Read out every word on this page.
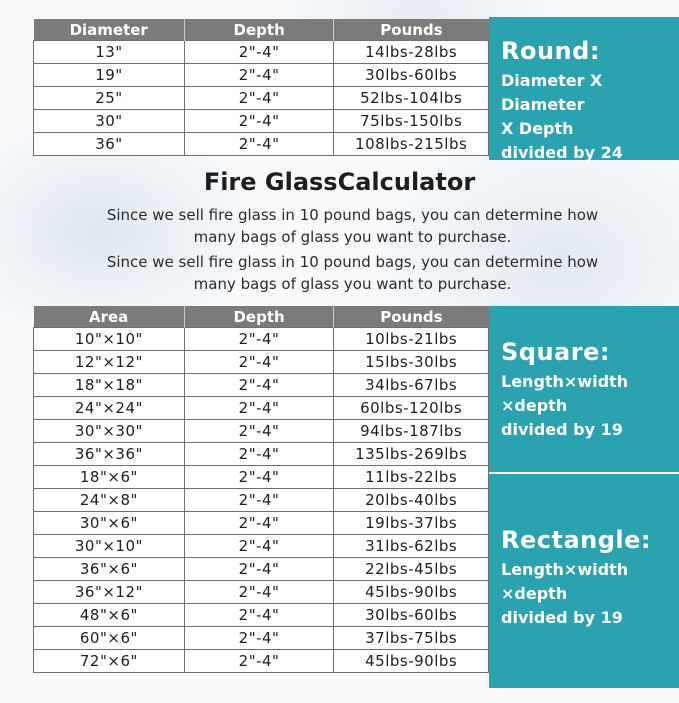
Diameter	Depth	Pounds
13"	2"-4"	14lbs-28lbs
19"	2"-4"	30lbs-60lbs
25"	2"-4"	52lbs-104lbs
30"	2"-4"	75lbs-150lbs
36"	2"-4"	108lbs-215lbs
Round:
Diameter X Diameter
X Depth
divided by 24
Fire GlassCalculator

Since we sell fire glass in 10 pound bags, you can determine how many bags of glass you want to purchase.

Since we sell fire glass in 10 pound bags, you can determine how many bags of glass you want to purchase.

Area	Depth	Pounds
10"×10"	2"-4"	10lbs-21lbs
12"×12"	2"-4"	15lbs-30lbs
18"×18"	2"-4"	34lbs-67lbs
24"×24"	2"-4"	60lbs-120lbs
30"×30"	2"-4"	94lbs-187lbs
36"×36"	2"-4"	135lbs-269lbs
18"×6"	2"-4"	11lbs-22lbs
24"×8"	2"-4"	20lbs-40lbs
30"×6"	2"-4"	19lbs-37lbs
30"×10"	2"-4"	31lbs-62lbs
36"×6"	2"-4"	22lbs-45lbs
36"×12"	2"-4"	45lbs-90lbs
48"×6"	2"-4"	30lbs-60lbs
60"×6"	2"-4"	37lbs-75lbs
72"×6"	2"-4"	45lbs-90lbs
Square:
Length×width
×depth
divided by 19
Rectangle:
Length×width
×depth
divided by 19
